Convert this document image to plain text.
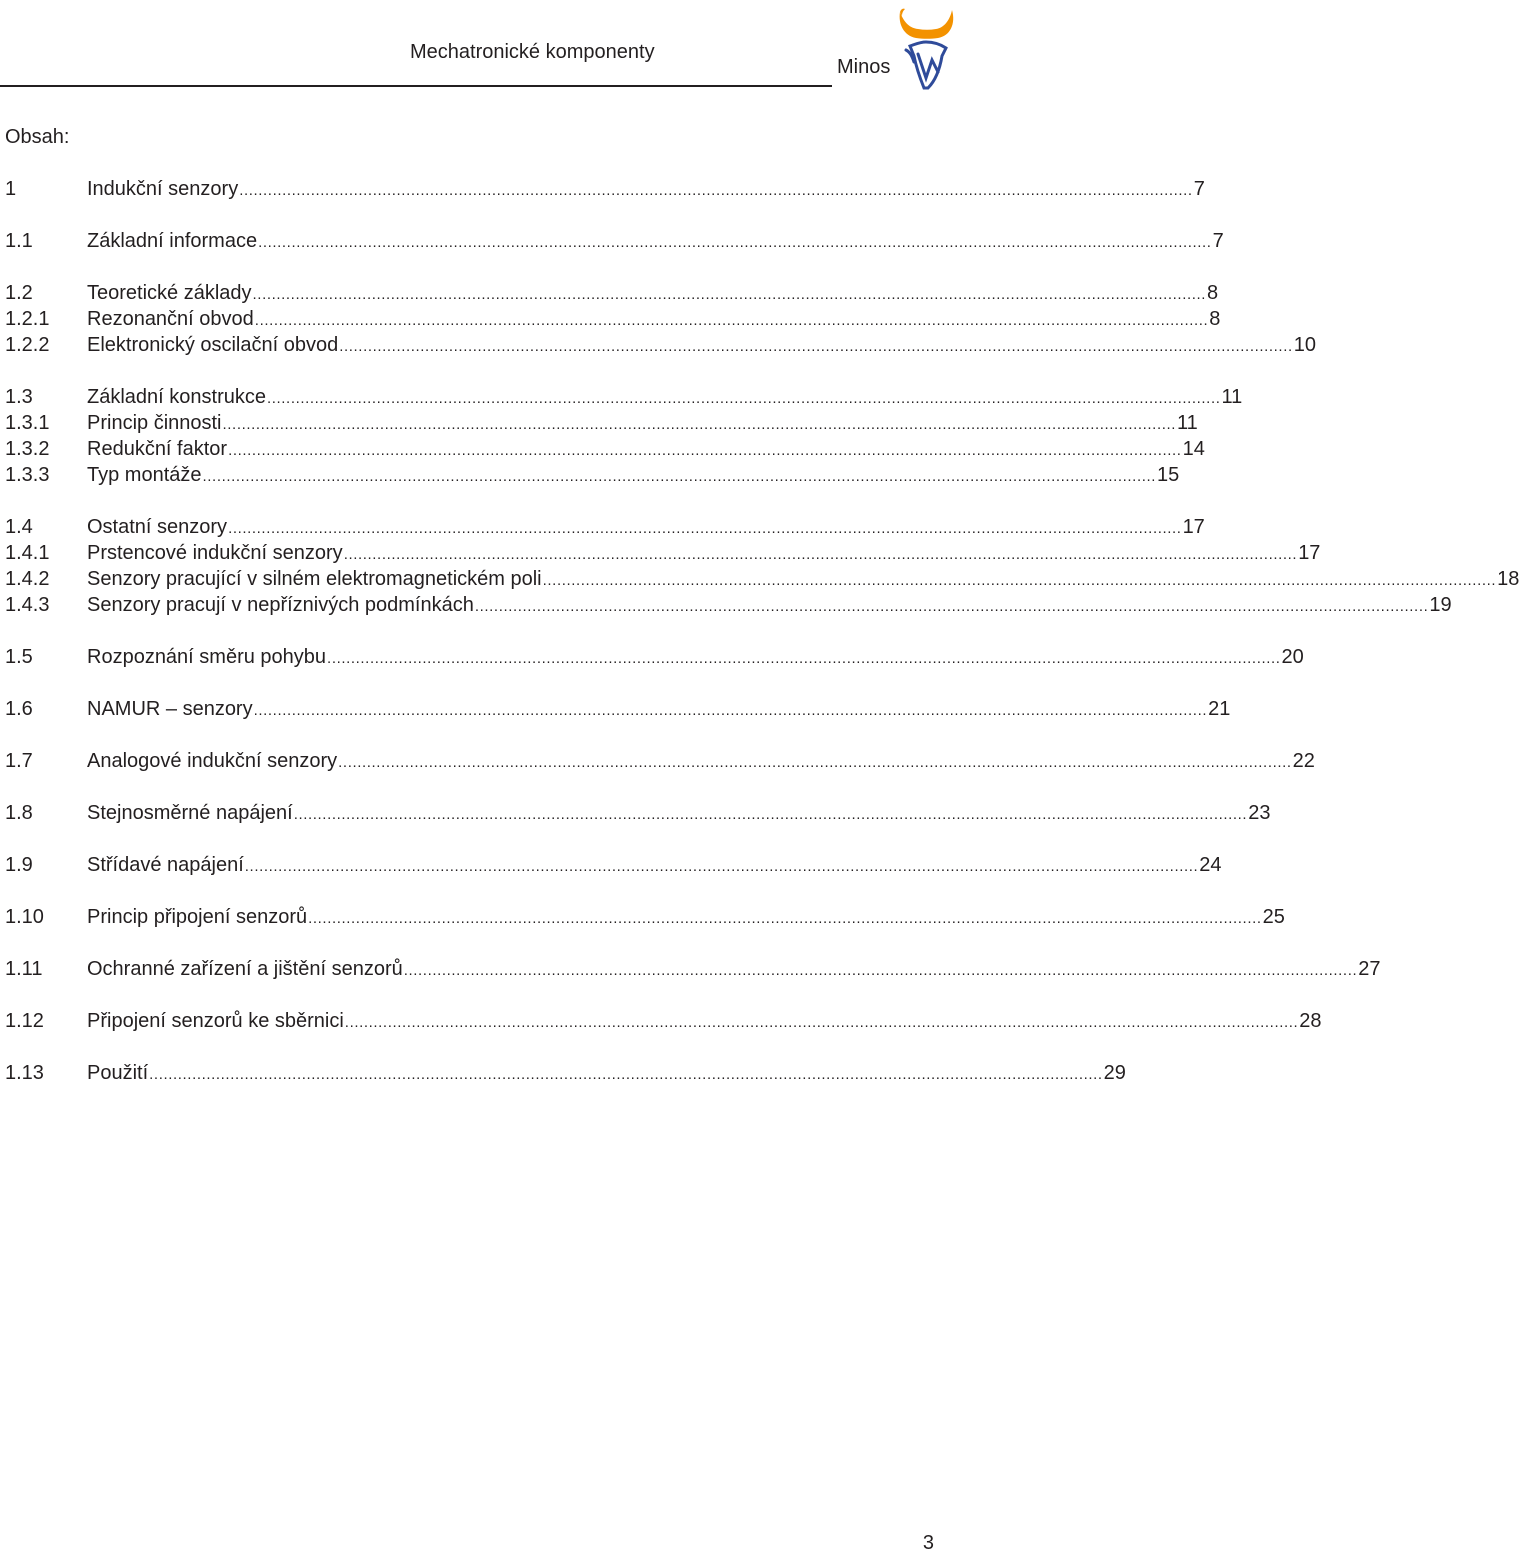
Mechatronické komponenty
Minos
Obsah:
1	Indukční senzory ........................................................................................................................................................................................................ 7
1.1	Základní informace ........................................................................................................................................................................................................ 7
1.2	Teoretické základy ........................................................................................................................................................................................................ 8
1.2.1	Rezonanční obvod ........................................................................................................................................................................................................ 8
1.2.2	Elektronický oscilační obvod ........................................................................................................................................................................................................ 10
1.3	Základní konstrukce ........................................................................................................................................................................................................ 11
1.3.1	Princip činnosti ........................................................................................................................................................................................................ 11
1.3.2	Redukční faktor ........................................................................................................................................................................................................ 14
1.3.3	Typ montáže ........................................................................................................................................................................................................ 15
1.4	Ostatní senzory ........................................................................................................................................................................................................ 17
1.4.1	Prstencové indukční senzory ........................................................................................................................................................................................................ 17
1.4.2	Senzory pracující v silném elektromagnetickém poli ........................................................................................................................................................................................................ 18
1.4.3	Senzory pracují v nepříznivých podmínkách ........................................................................................................................................................................................................ 19
1.5	Rozpoznání směru pohybu ........................................................................................................................................................................................................ 20
1.6	NAMUR – senzory ........................................................................................................................................................................................................ 21
1.7	Analogové indukční senzory ........................................................................................................................................................................................................ 22
1.8	Stejnosměrné napájení ........................................................................................................................................................................................................ 23
1.9	Střídavé napájení ........................................................................................................................................................................................................ 24
1.10	Princip připojení senzorů ........................................................................................................................................................................................................ 25
1.11	Ochranné zařízení a jištění senzorů ........................................................................................................................................................................................................ 27
1.12	Připojení senzorů ke sběrnici ........................................................................................................................................................................................................ 28
1.13	Použití ........................................................................................................................................................................................................ 29
3
